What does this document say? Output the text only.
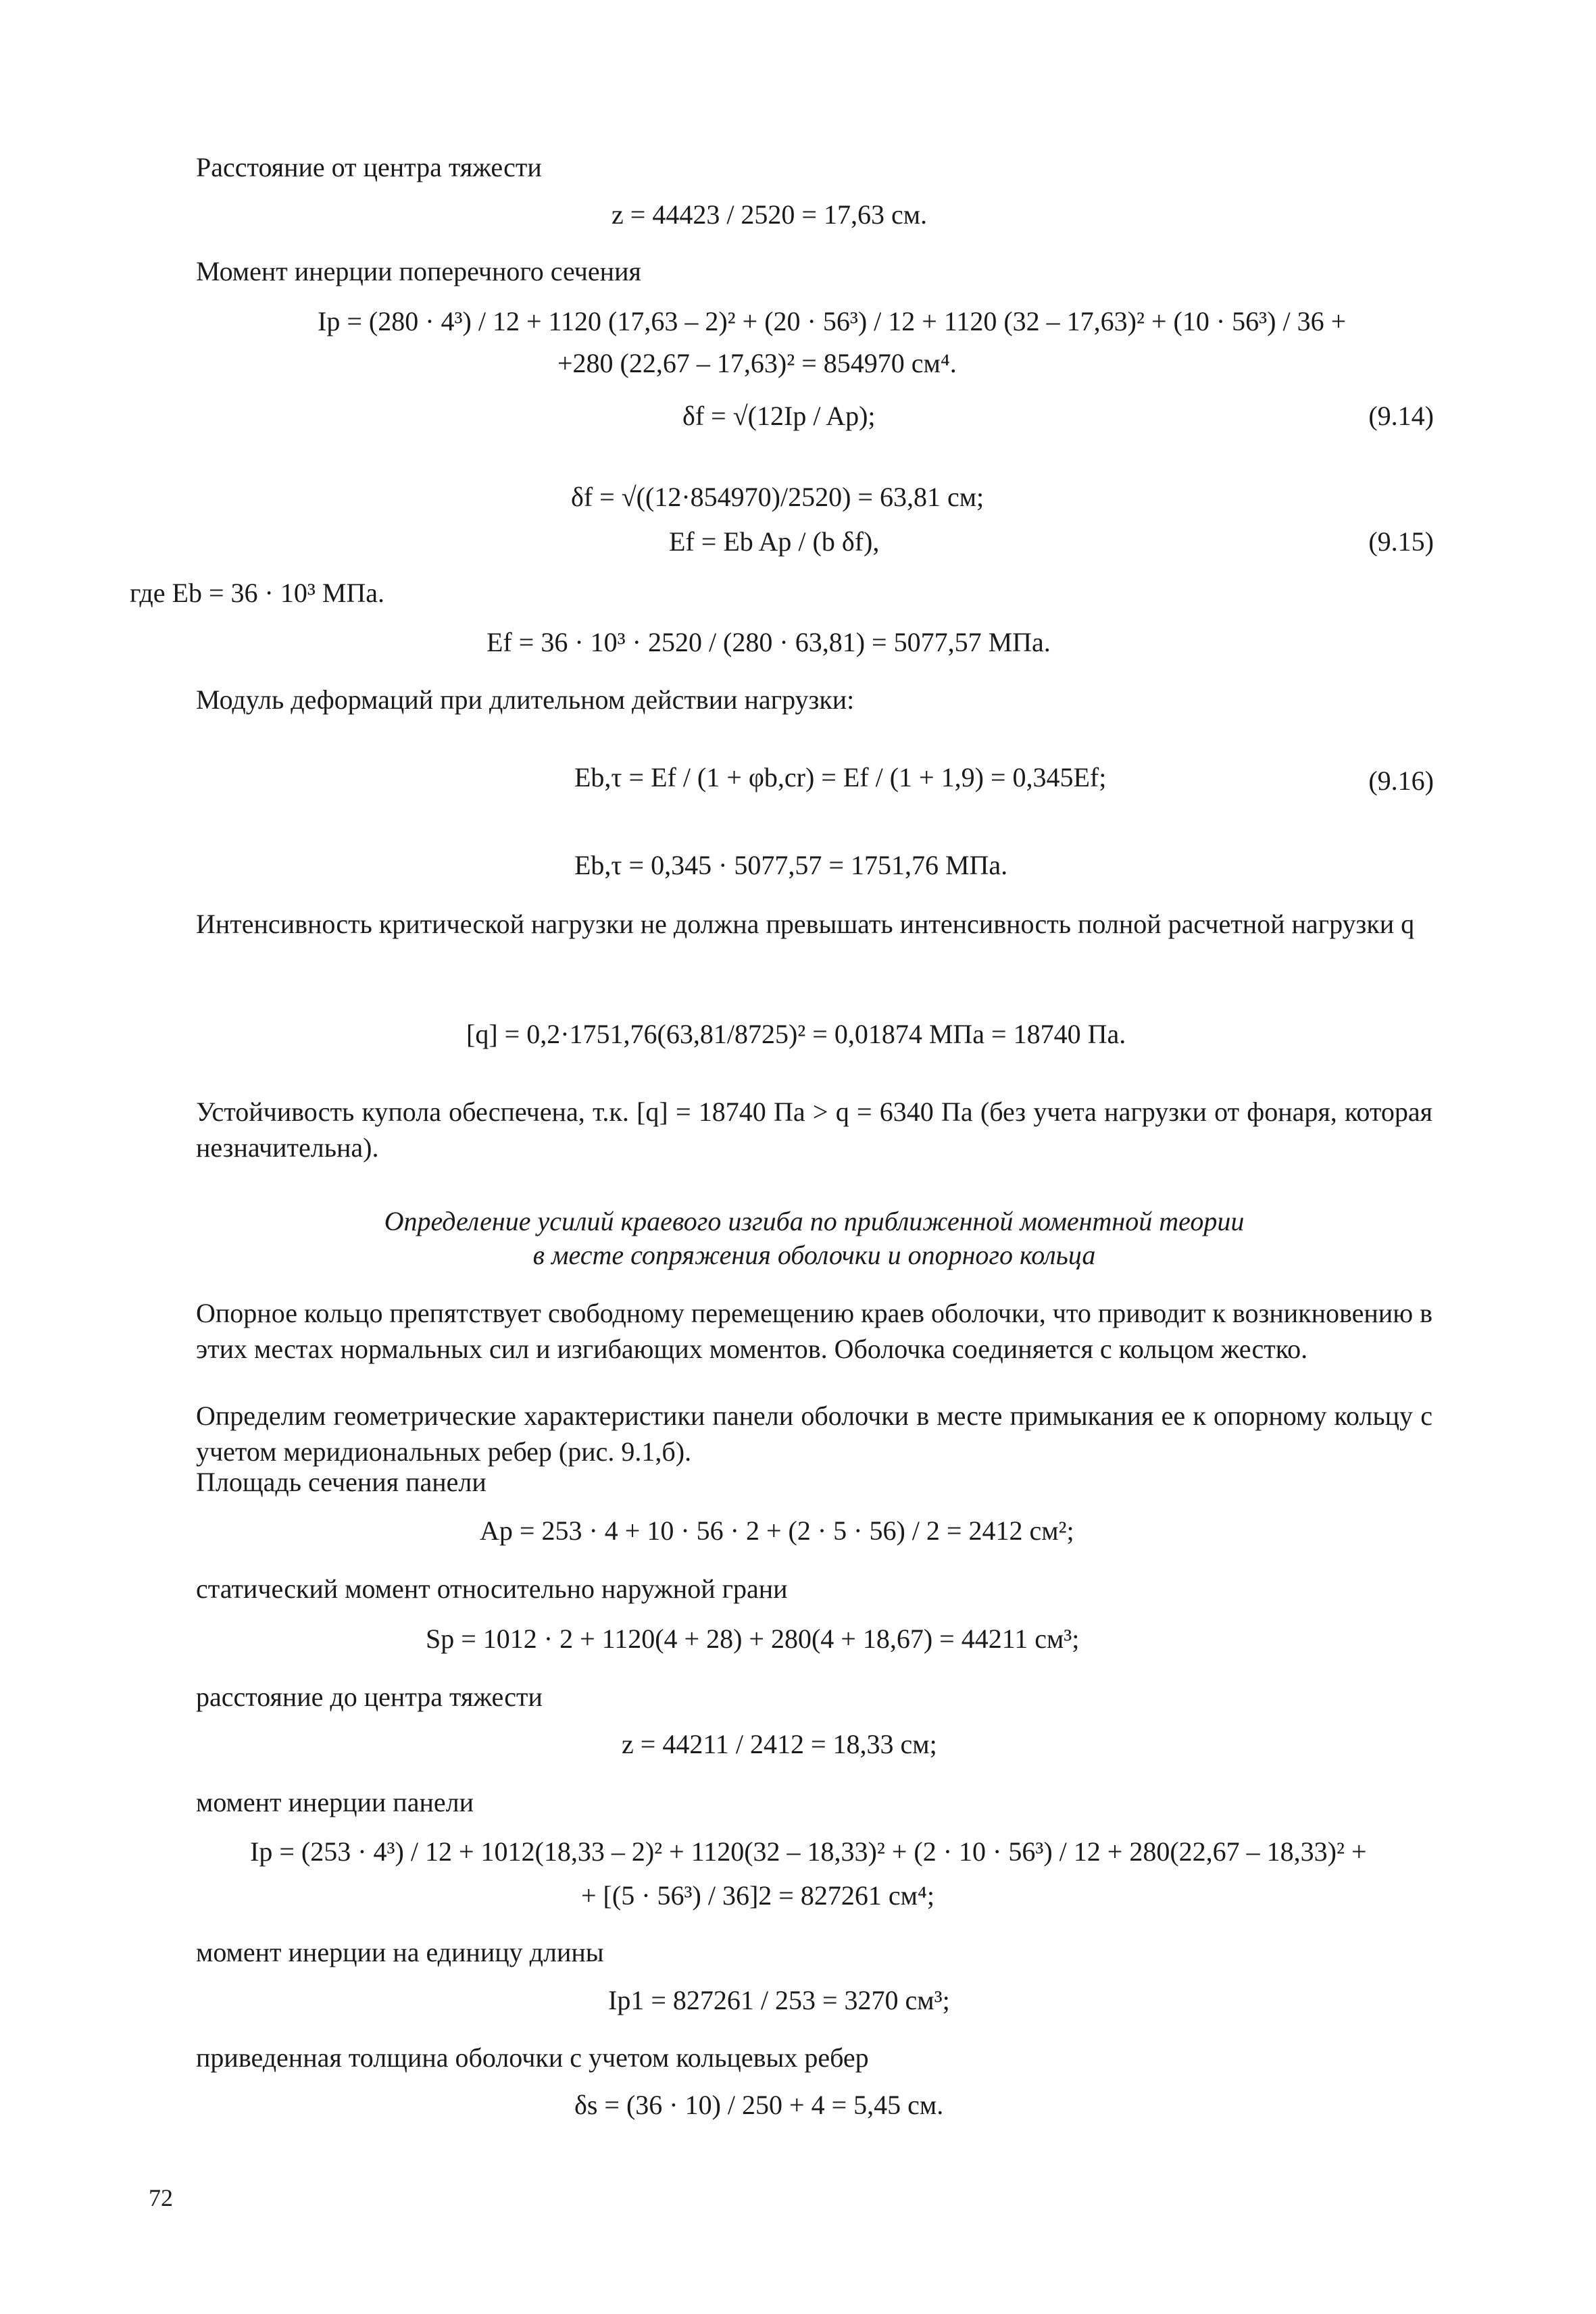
Расстояние от центра тяжести
z = 44423 / 2520 = 17,63 см.
Момент инерции поперечного сечения
Ip = (280 · 4³) / 12 + 1120 (17,63 – 2)² + (20 · 56³) / 12 + 1120 (32 – 17,63)² + (10 · 56³) / 36 +
+280 (22,67 – 17,63)² = 854970 см⁴.
δf = √(12Ip / Ap);	(9.14)
δf = √((12·854970)/2520) = 63,81 см;
Ef = Eb Ap / (b δf),	(9.15)
где Eb = 36 · 10³ МПа.
Ef = 36 · 10³ · 2520 / (280 · 63,81) = 5077,57 МПа.
Модуль деформаций при длительном действии нагрузки:
Eb,τ = Ef / (1 + φb,cr) = Ef / (1 + 1,9) = 0,345Ef;	(9.16)
Eb,τ = 0,345 · 5077,57 = 1751,76 МПа.
Интенсивность критической нагрузки не должна превышать интенсивность полной расчетной нагрузки q
[q] = 0,2·1751,76(63,81/8725)² = 0,01874 МПа = 18740 Па.
Устойчивость купола обеспечена, т.к. [q] = 18740 Па > q = 6340 Па (без учета нагрузки от фонаря, которая незначительна).
Определение усилий краевого изгиба по приближенной моментной теории
в месте сопряжения оболочки и опорного кольца
Опорное кольцо препятствует свободному перемещению краев оболочки, что приводит к возникновению в этих местах нормальных сил и изгибающих моментов. Оболочка соединяется с кольцом жестко.
Определим геометрические характеристики панели оболочки в месте примыкания ее к опорному кольцу с учетом меридиональных ребер (рис. 9.1,б).
Площадь сечения панели
Ap = 253 · 4 + 10 · 56 · 2 + (2 · 5 · 56) / 2 = 2412 см²;
статический момент относительно наружной грани
Sp = 1012 · 2 + 1120(4 + 28) + 280(4 + 18,67) = 44211 см³;
расстояние до центра тяжести
z = 44211 / 2412 = 18,33 см;
момент инерции панели
Ip = (253 · 4³) / 12 + 1012(18,33 – 2)² + 1120(32 – 18,33)² + (2 · 10 · 56³) / 12 + 280(22,67 – 18,33)² +
+ [(5 · 56³) / 36]2 = 827261 см⁴;
момент инерции на единицу длины
Ip1 = 827261 / 253 = 3270 см³;
приведенная толщина оболочки с учетом кольцевых ребер
δs = (36 · 10) / 250 + 4 = 5,45 см.
72
